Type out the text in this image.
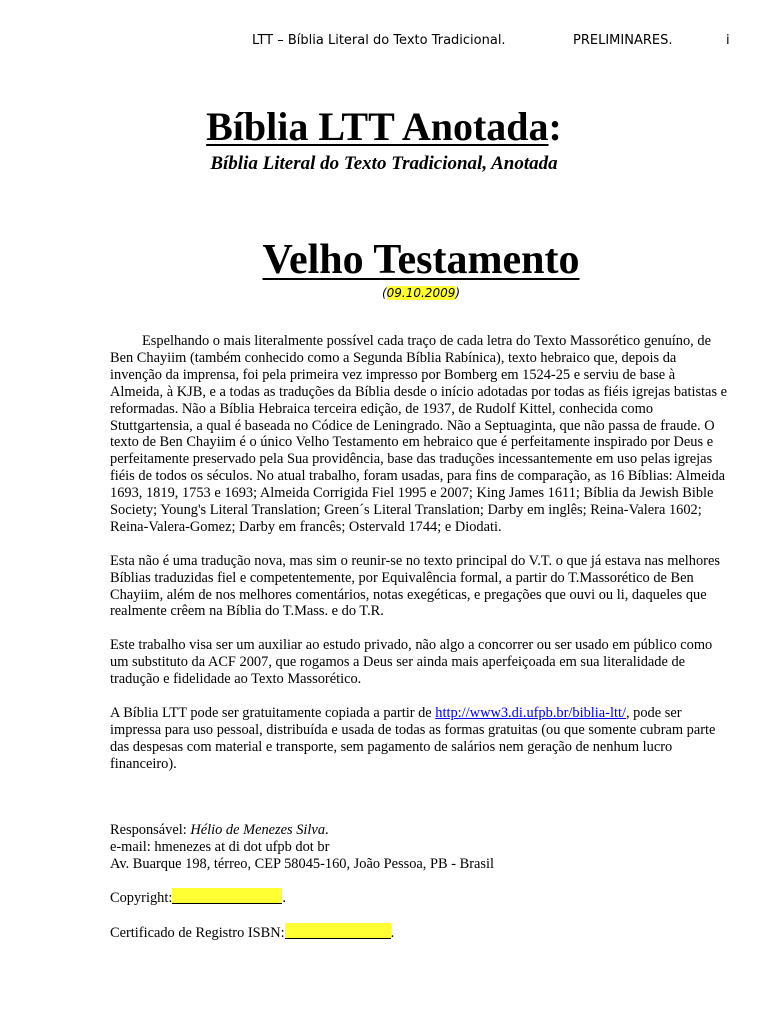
LTT – Bíblia Literal do Texto Tradicional.	PRELIMINARES.	i
Bíblia LTT Anotada:
Bíblia Literal do Texto Tradicional, Anotada
Velho Testamento
(09.10.2009)

Espelhando o mais literalmente possível cada traço de cada letra do Texto Massorético genuíno, de Ben Chayiim (também conhecido como a Segunda Bíblia Rabínica), texto hebraico que, depois da invenção da imprensa, foi pela primeira vez impresso por Bomberg em 1524-25 e serviu de base à Almeida, à KJB, e a todas as traduções da Bíblia desde o início adotadas por todas as fiéis igrejas batistas e reformadas. Não a Bíblia Hebraica terceira edição, de 1937, de Rudolf Kittel, conhecida como Stuttgartensia, a qual é baseada no Códice de Leningrado. Não a Septuaginta, que não passa de fraude. O texto de Ben Chayiim é o único Velho Testamento em hebraico que é perfeitamente inspirado por Deus e perfeitamente preservado pela Sua providência, base das traduções incessantemente em uso pelas igrejas fiéis de todos os séculos. No atual trabalho, foram usadas, para fins de comparação, as 16 Bíblias: Almeida 1693, 1819, 1753 e 1693; Almeida Corrigida Fiel 1995 e 2007; King James 1611; Bíblia da Jewish Bible Society; Young's Literal Translation; Green´s Literal Translation; Darby em inglês; Reina-Valera 1602; Reina-Valera-Gomez; Darby em francês; Ostervald 1744; e Diodati.

Esta não é uma tradução nova, mas sim o reunir-se no texto principal do V.T. o que já estava nas melhores Bíblias traduzidas fiel e competentemente, por Equivalência formal, a partir do T.Massorético de Ben Chayiim, além de nos melhores comentários, notas exegéticas, e pregações que ouvi ou li, daqueles que realmente crêem na Bíblia do T.Mass. e do T.R.

Este trabalho visa ser um auxiliar ao estudo privado, não algo a concorrer ou ser usado em público como um substituto da ACF 2007, que rogamos a Deus ser ainda mais aperfeiçoada em sua literalidade de tradução e fidelidade ao Texto Massorético.

A Bíblia LTT pode ser gratuitamente copiada a partir de http://www3.di.ufpb.br/biblia-ltt/, pode ser impressa para uso pessoal, distribuída e usada de todas as formas gratuitas (ou que somente cubram parte das despesas com material e transporte, sem pagamento de salários nem geração de nenhum lucro financeiro).

Responsável: Hélio de Menezes Silva.
e-mail: hmenezes at di dot ufpb dot br
Av. Buarque 198, térreo, CEP 58045-160, João Pessoa, PB - Brasil
Copyright:	.
Certificado de Registro ISBN:	.
